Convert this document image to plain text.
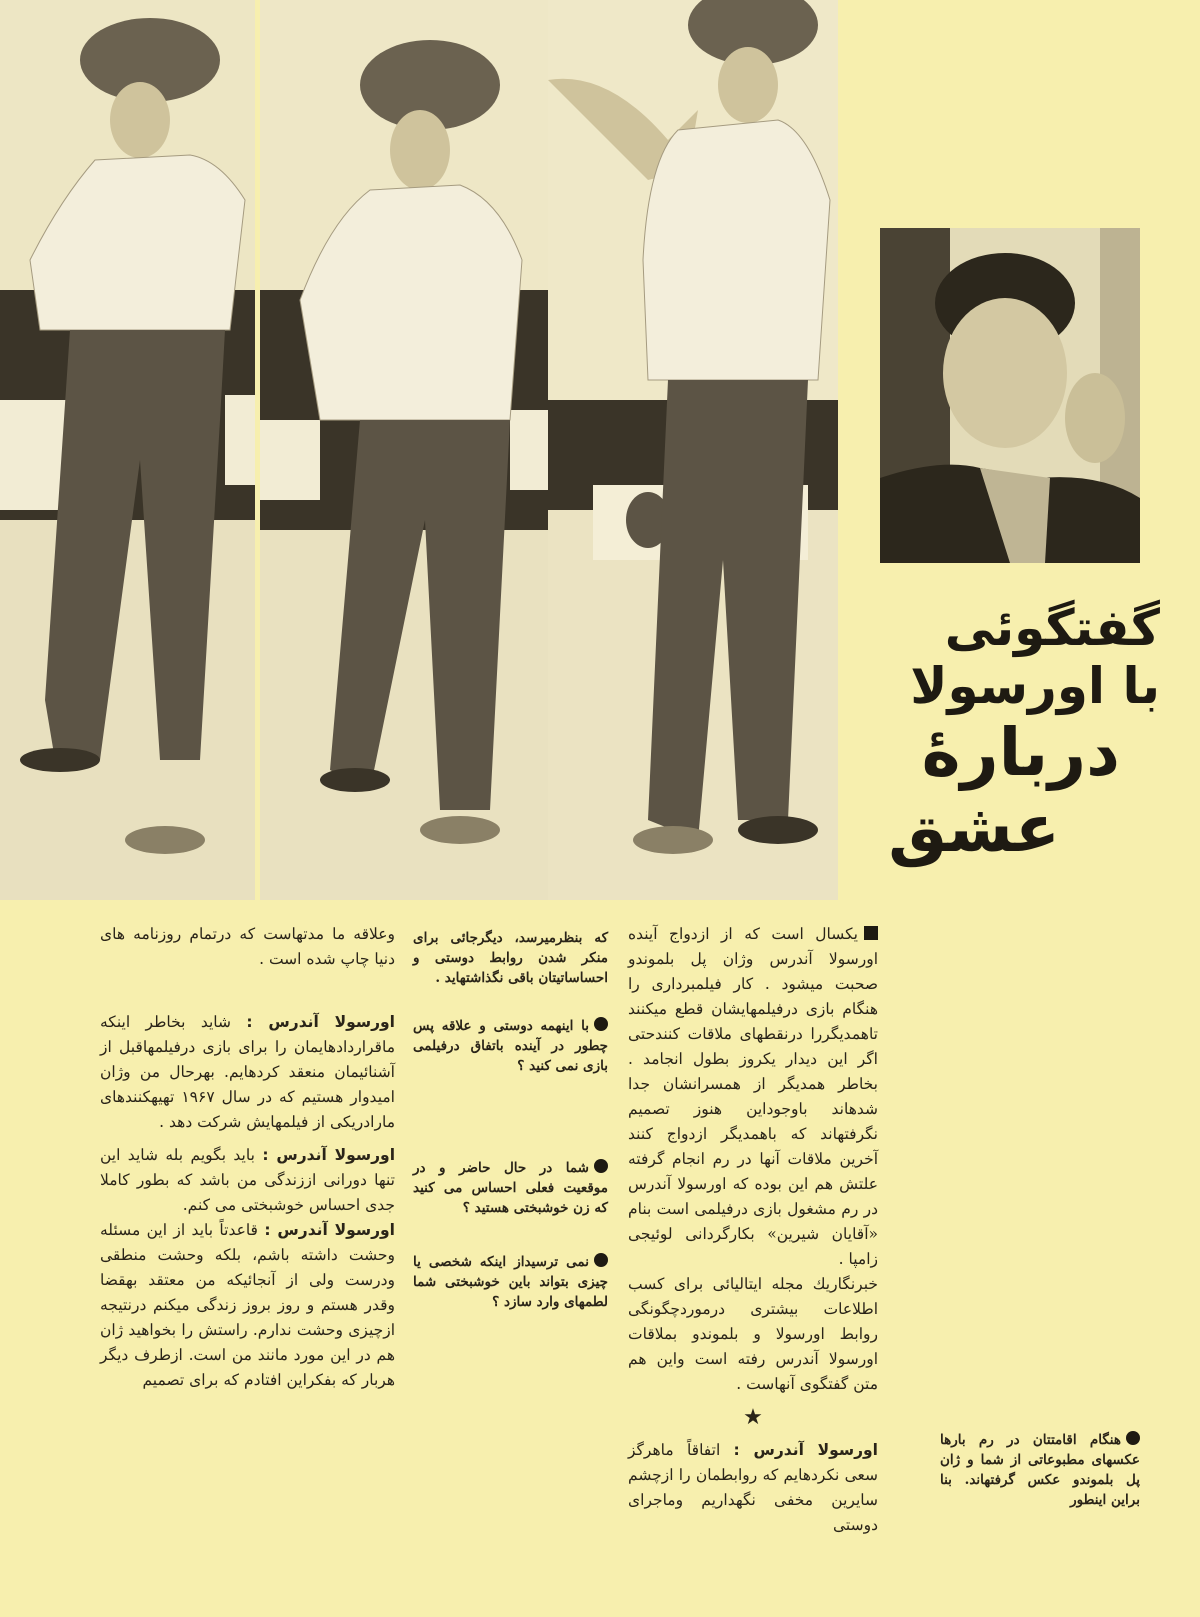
گفتگوئی
با اورسولا
دربارهٔ
عشق

یکسال است که از ازدواج آینده اورسولا آندرس وژان پل بلموندو صحبت میشود . کار فیلمبرداری را هنگام بازی درفیلمهایشان قطع میکنند تاهمدیگررا درنقطهای ملاقات کنندحتی اگر این دیدار یکروز بطول انجامد . بخاطر همدیگر از همسرانشان جدا شدهاند باوجوداین هنوز تصمیم نگرفتهاند که باهمدیگر ازدواج کنند آخرین ملاقات آنها در رم انجام گرفته علتش هم این بوده که اورسولا آندرس در رم مشغول بازی درفیلمی است بنام «آقایان شیرین» بکارگردانی لوئیجی زامپا .

خبرنگاریك مجله ایتالیائی برای کسب اطلاعات بیشتری درموردچگونگی روابط اورسولا و بلموندو بملاقات اورسولا آندرس رفته است واین هم متن گفتگوی آنهاست .

★

اورسولا آندرس : اتفاقاً ماهرگز سعی نکردهایم که روابطمان را ازچشم سایرین مخفی نگهداریم وماجرای دوستی

که بنظرمیرسد، دیگرجائی برای منکر شدن روابط دوستی و احساساتیتان باقی نگذاشتهاید .

با اینهمه دوستی و علاقه پس چطور در آینده باتفاق درفیلمی بازی نمی کنید ؟

شما در حال حاضر و در موقعیت فعلی احساس می کنید که زن خوشبختی هستید ؟

نمی ترسیداز اینکه شخصی یا چیزی بتواند باین خوشبختی شما لطمهای وارد سازد ؟

وعلاقه ما مدتهاست که درتمام روزنامه های دنیا چاپ شده است .

اورسولا آندرس : شاید بخاطر اینکه ماقراردادهایمان را برای بازی درفیلمهاقبل از آشنائیمان منعقد کردهایم. بهرحال من وژان امیدوار هستیم که در سال ۱۹۶۷ تهیهکنندهای مارادریکی از فیلمهایش شرکت دهد .

اورسولا آندرس : باید بگویم بله شاید این تنها دورانی اززندگی من باشد که بطور کاملا جدی احساس خوشبختی می کنم.

اورسولا آندرس : قاعدتاً باید از این مسئله وحشت داشته باشم، بلکه وحشت منطقی ودرست ولی از آنجائیکه من معتقد بهقضا وقدر هستم و روز بروز زندگی میکنم درنتیجه ازچیزی وحشت ندارم. راستش را بخواهید ژان هم در این مورد مانند من است. ازطرف دیگر هربار که بفکراین افتادم که برای تصمیم

هنگام اقامتتان در رم بارها عکسهای مطبوعاتی از شما و ژان پل بلموندو عکس گرفتهاند. بنا براین اینطور
